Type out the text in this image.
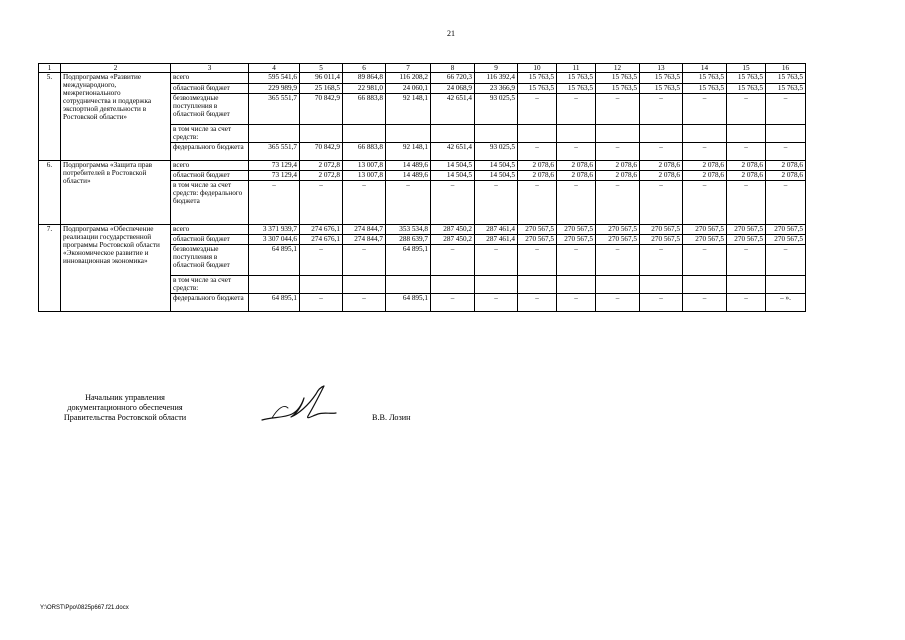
21
1	2	3	4	5	6	7	8	9	10	11	12	13	14	15	16
5.	Подпрограмма «Развитие международного, межрегионального сотрудничества и поддержка экспортной деятельности в Ростовской области»	всего	595 541,6	96 011,4	89 864,8	116 208,2	66 720,3	116 392,4	15 763,5	15 763,5	15 763,5	15 763,5	15 763,5	15 763,5	15 763,5
		областной бюджет	229 989,9	25 168,5	22 981,0	24 060,1	24 068,9	23 366,9	15 763,5	15 763,5	15 763,5	15 763,5	15 763,5	15 763,5	15 763,5
		безвозмездные поступления в областной бюджет	365 551,7	70 842,9	66 883,8	92 148,1	42 651,4	93 025,5	–	–	–	–	–	–	–
		в том числе за счет средств:													
		федерального бюджета	365 551,7	70 842,9	66 883,8	92 148,1	42 651,4	93 025,5	–	–	–	–	–	–	–
6.	Подпрограмма «Защита прав потребителей в Ростовской области»	всего	73 129,4	2 072,8	13 007,8	14 489,6	14 504,5	14 504,5	2 078,6	2 078,6	2 078,6	2 078,6	2 078,6	2 078,6	2 078,6
		областной бюджет	73 129,4	2 072,8	13 007,8	14 489,6	14 504,5	14 504,5	2 078,6	2 078,6	2 078,6	2 078,6	2 078,6	2 078,6	2 078,6
		в том числе за счет средств: федерального бюджета	–	–	–	–	–	–	–	–	–	–	–	–	–
7.	Подпрограмма «Обеспечение реализации государственной программы Ростовской области «Экономическое развитие и инновационная экономика»	всего	3 371 939,7	274 676,1	274 844,7	353 534,8	287 450,2	287 461,4	270 567,5	270 567,5	270 567,5	270 567,5	270 567,5	270 567,5	270 567,5
		областной бюджет	3 307 044,6	274 676,1	274 844,7	288 639,7	287 450,2	287 461,4	270 567,5	270 567,5	270 567,5	270 567,5	270 567,5	270 567,5	270 567,5
		безвозмездные поступления в областной бюджет	64 895,1	–	–	64 895,1	–	–	–	–	–	–	–	–	–
		в том числе за счет средств:													
		федерального бюджета	64 895,1	–	–	64 895,1	–	–	–	–	–	–	–	–	– ».
Начальник управления
документационного обеспечения
Правительства Ростовской области	В.В. Лозин
Y:\ORST\Ppo\0825p667.f21.docx
